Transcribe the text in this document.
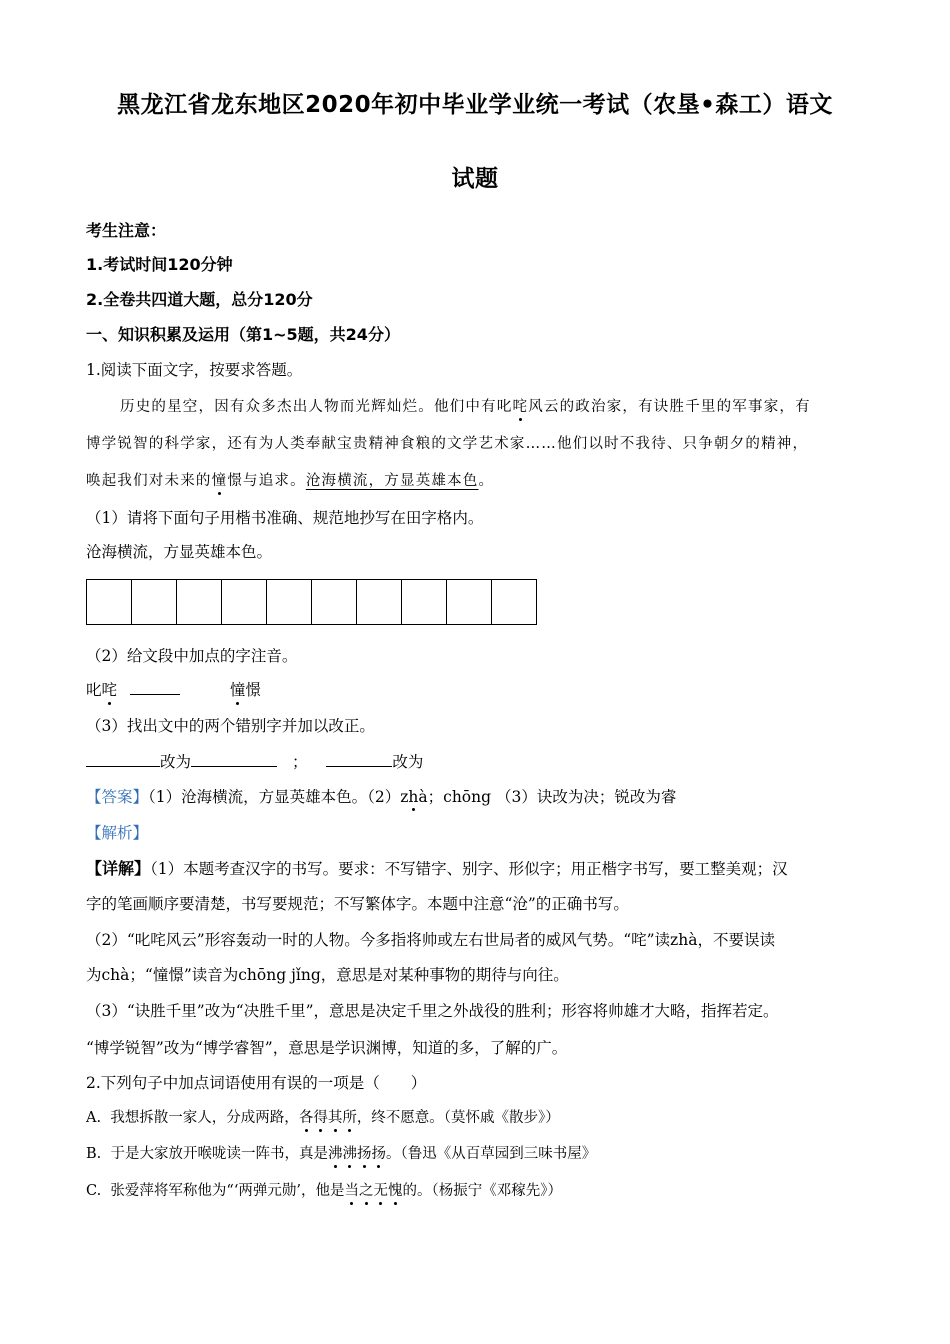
黑龙江省龙东地区2020年初中毕业学业统一考试（农垦•森工）语文
试题
考生注意：
1.考试时间120分钟
2.全卷共四道大题，总分120分
一、知识积累及运用（第1~5题，共24分）
1.阅读下面文字，按要求答题。
历史的星空，因有众多杰出人物而光辉灿烂。他们中有叱咤风云的政治家，有诀胜千里的军事家，有
博学锐智的科学家，还有为人类奉献宝贵精神食粮的文学艺术家……他们以时不我待、只争朝夕的精神，
唤起我们对未来的憧憬与追求。沧海横流，方显英雄本色。
（1）请将下面句子用楷书准确、规范地抄写在田字格内。
沧海横流，方显英雄本色。
（2）给文段中加点的字注音。
叱咤	憧憬
（3）找出文中的两个错别字并加以改正。
改为	；	改为
【答案】（1）沧海横流，方显英雄本色。（2）zhà；chōng （3）诀改为决；锐改为睿
【解析】
【详解】（1）本题考查汉字的书写。要求：不写错字、别字、形似字；用正楷字书写，要工整美观；汉
字的笔画顺序要清楚，书写要规范；不写繁体字。本题中注意“沧”的正确书写。
（2）“叱咤风云”形容轰动一时的人物。今多指将帅或左右世局者的威风气势。“咤”读zhà，不要误读
为chà；“憧憬”读音为chōng jǐng，意思是对某种事物的期待与向往。
（3）“诀胜千里”改为“决胜千里”，意思是决定千里之外战役的胜利；形容将帅雄才大略，指挥若定。
“博学锐智”改为“博学睿智”，意思是学识渊博，知道的多，了解的广。
2.下列句子中加点词语使用有误的一项是（　　）
A. 我想拆散一家人，分成两路，各得其所，终不愿意。（莫怀戚《散步》）
B. 于是大家放开喉咙读一阵书，真是沸沸扬扬。（鲁迅《从百草园到三味书屋》
C. 张爱萍将军称他为“‘两弹元勋’，他是当之无愧的。（杨振宁《邓稼先》）
